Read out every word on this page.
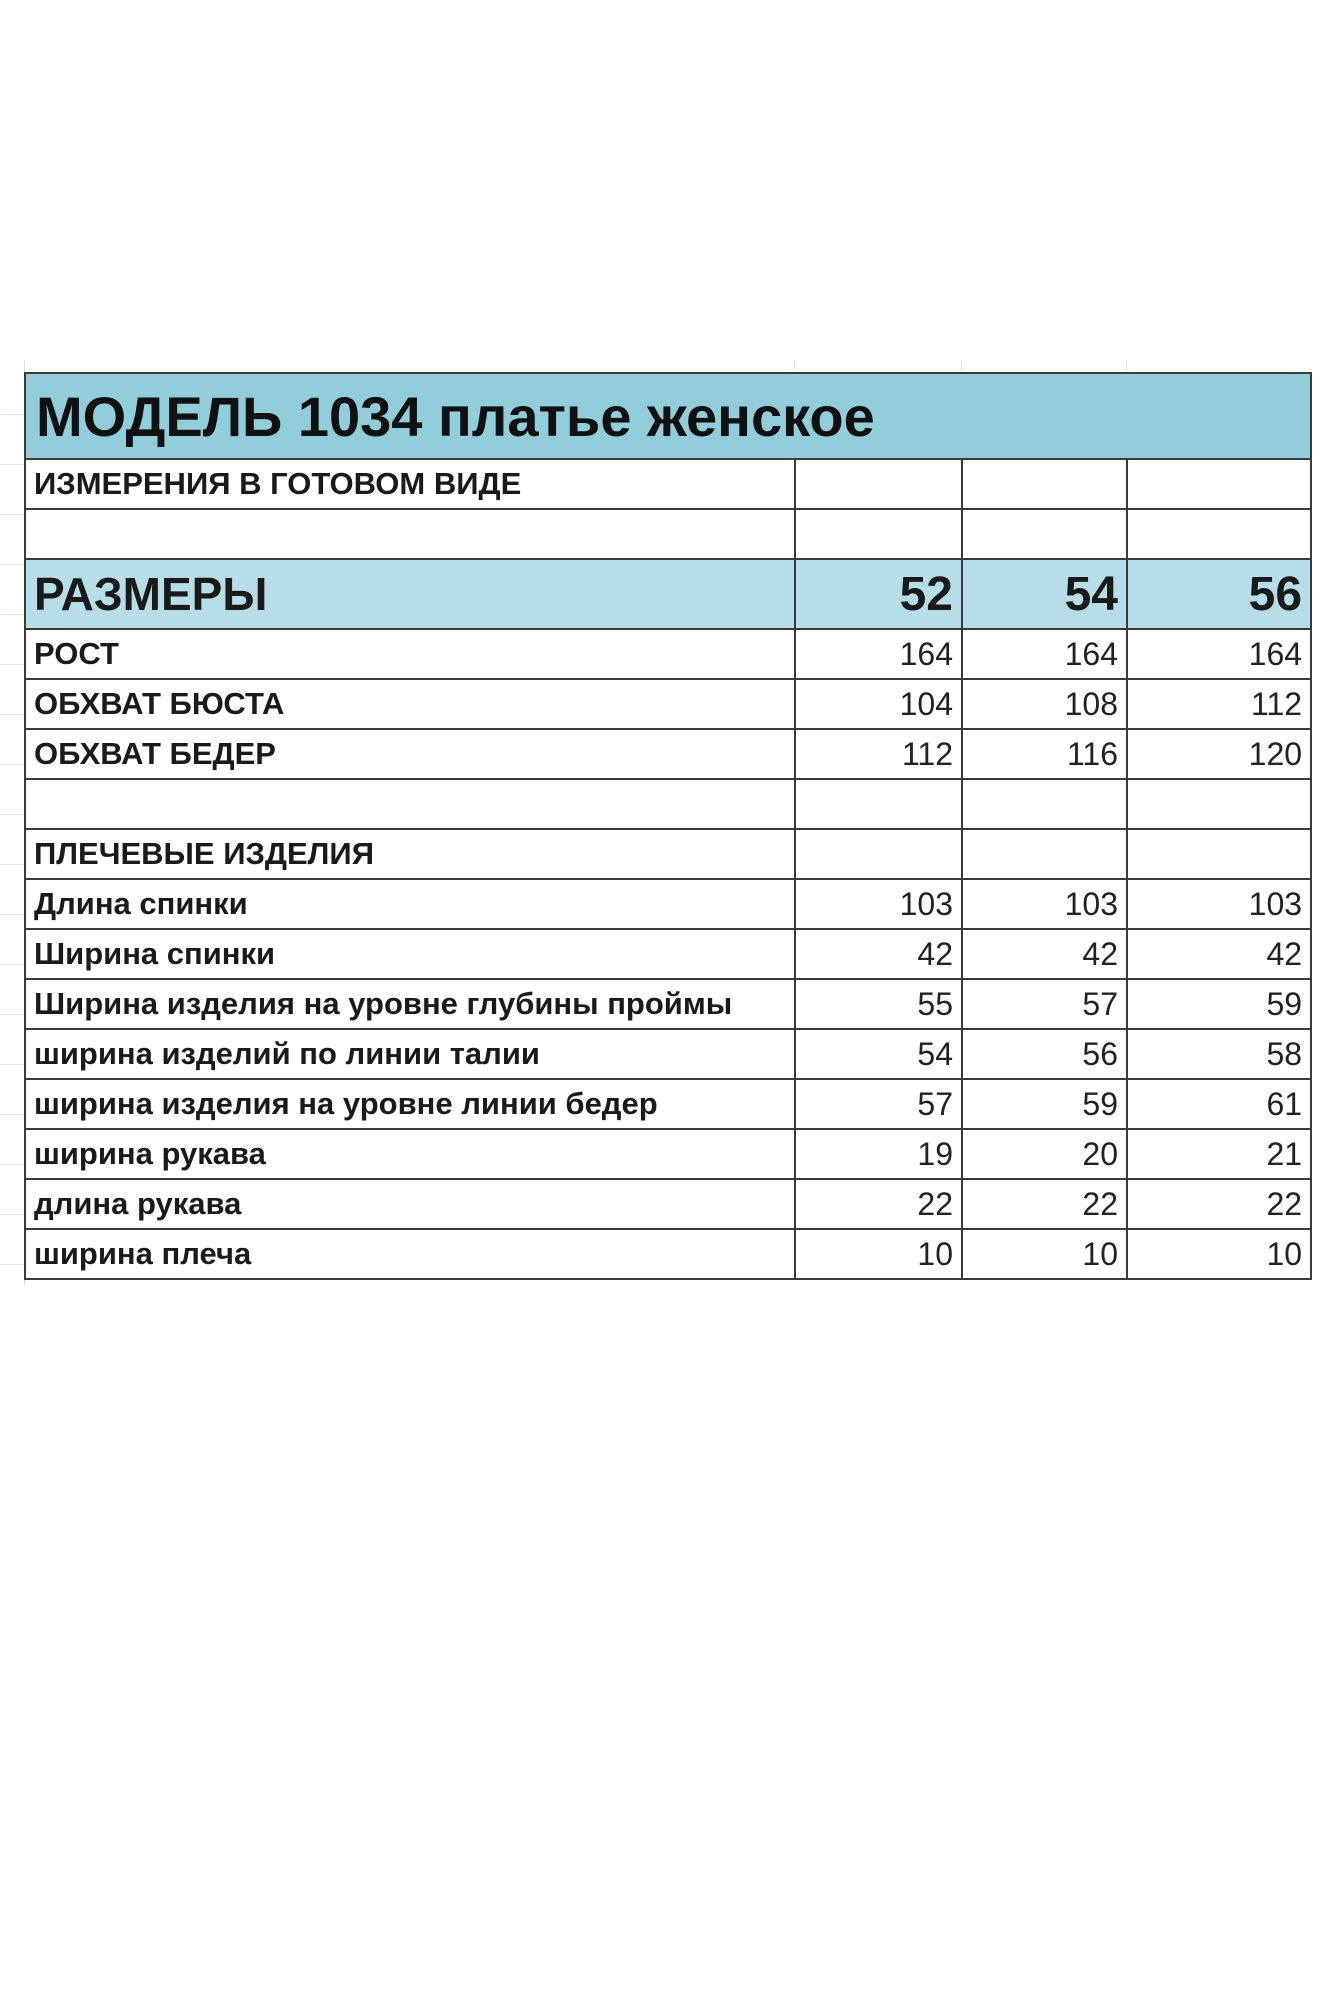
МОДЕЛЬ 1034 платье женское			
ИЗМЕРЕНИЯ В ГОТОВОМ ВИДЕ			

РАЗМЕРЫ	52	54	56
РОСТ	164	164	164
ОБХВАТ БЮСТА	104	108	112
ОБХВАТ БЕДЕР	112	116	120

ПЛЕЧЕВЫЕ ИЗДЕЛИЯ			
Длина спинки	103	103	103
Ширина спинки	42	42	42
Ширина изделия на уровне глубины проймы	55	57	59
ширина изделий по линии талии	54	56	58
ширина изделия на уровне линии бедер	57	59	61
ширина рукава	19	20	21
длина рукава	22	22	22
ширина плеча	10	10	10
